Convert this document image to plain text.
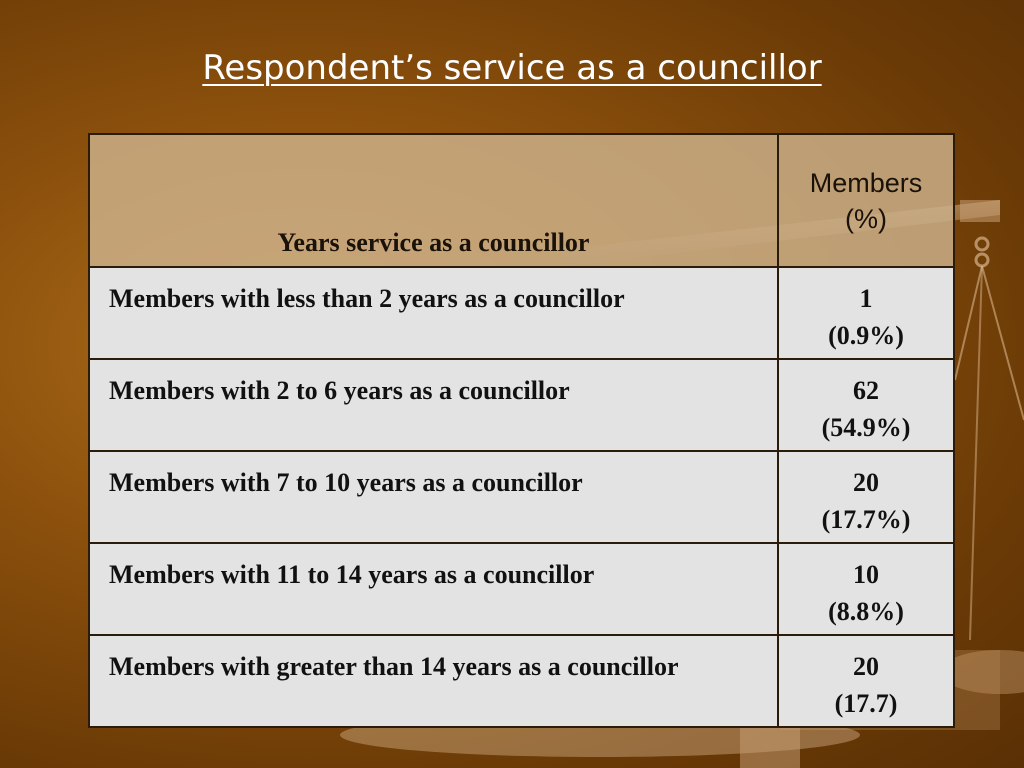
Respondent’s service as a councillor
Years service as a councillor	Members
(%)

Members with less than 2 years as a councillor	1
(0.9%)

Members with 2 to 6 years as a councillor	62
(54.9%)

Members with 7 to 10 years as a councillor	20
(17.7%)

Members with 11 to 14 years as a councillor	10
(8.8%)

Members with greater than 14 years as a councillor	20
(17.7)
